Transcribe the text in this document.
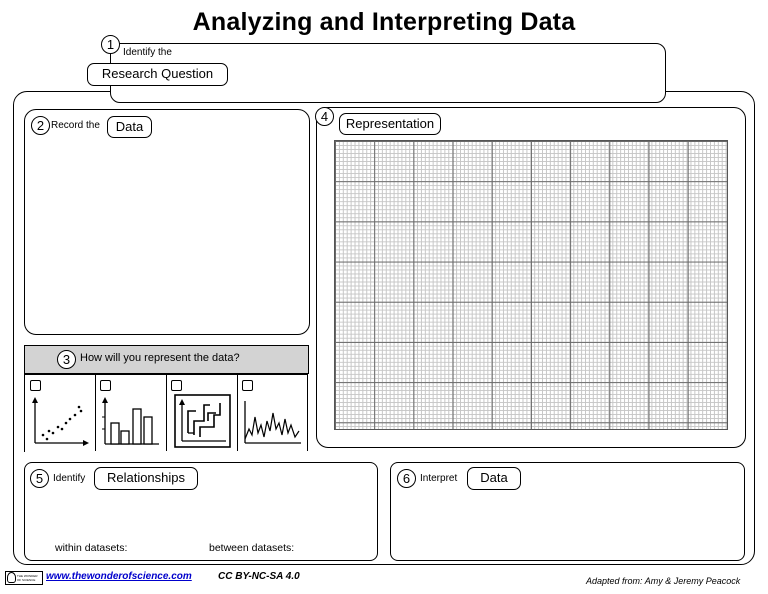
Analyzing and Interpreting Data
1
Identify the
Research Question
2 Record the	Data
3 How will you represent the data?
4	Representation
5 Identify	Relationships
within datasets:	between datasets:
6 Interpret	Data
THE WONDER OF SCIENCE	www.thewonderofscience.com	CC BY-NC-SA 4.0	Adapted from: Amy & Jeremy Peacock
